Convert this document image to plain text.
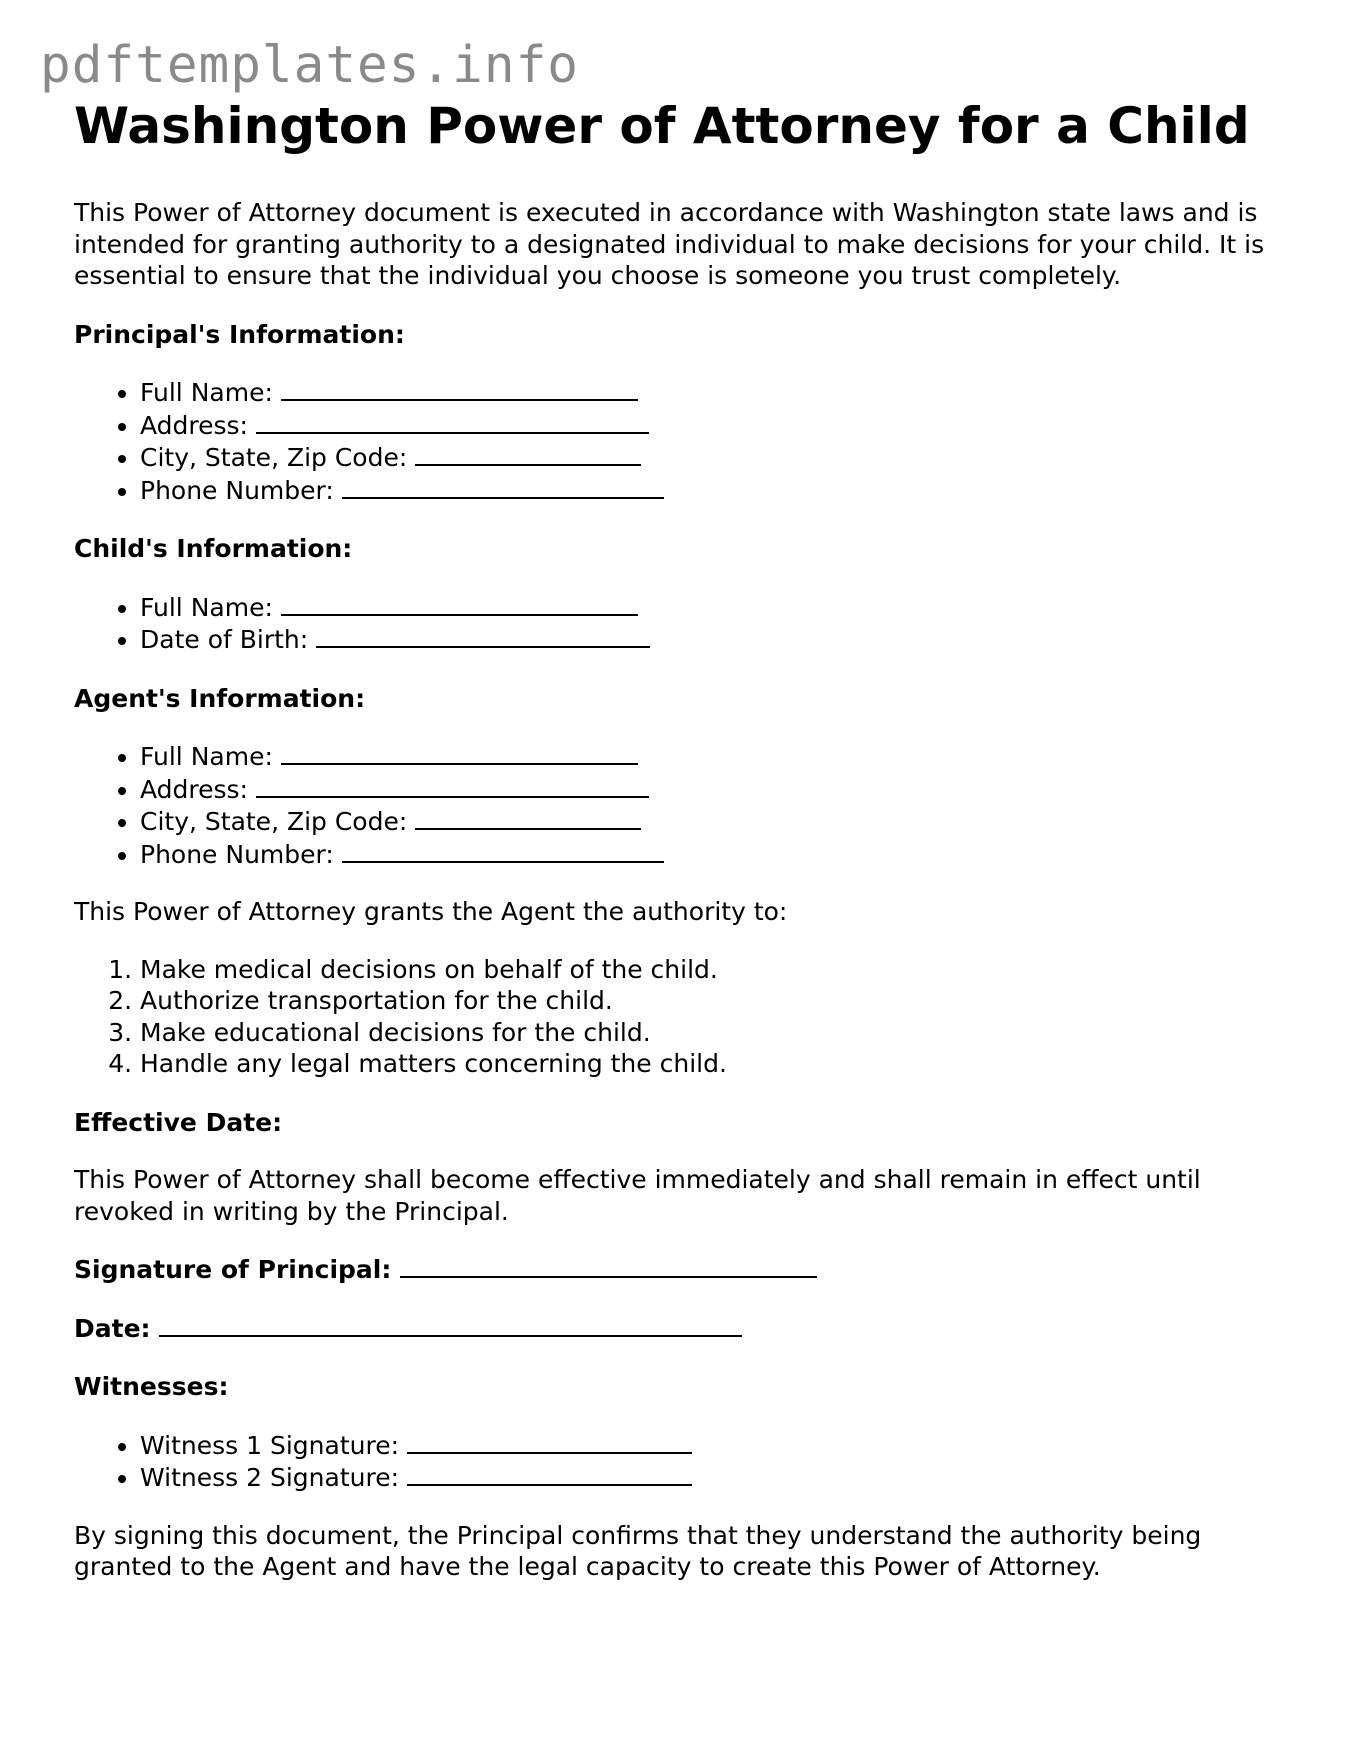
pdftemplates.info
Washington Power of Attorney for a Child

This Power of Attorney document is executed in accordance with Washington state laws and is intended for granting authority to a designated individual to make decisions for your child. It is essential to ensure that the individual you choose is someone you trust completely.

Principal's Information:
• Full Name:
• Address:
• City, State, Zip Code:
• Phone Number:
Child's Information:
• Full Name:
• Date of Birth:
Agent's Information:
• Full Name:
• Address:
• City, State, Zip Code:
• Phone Number:

This Power of Attorney grants the Agent the authority to:

1. Make medical decisions on behalf of the child.
2. Authorize transportation for the child.
3. Make educational decisions for the child.
4. Handle any legal matters concerning the child.
Effective Date:

This Power of Attorney shall become effective immediately and shall remain in effect until revoked in writing by the Principal.

Signature of Principal:
Date:
Witnesses:
• Witness 1 Signature:
• Witness 2 Signature:

By signing this document, the Principal confirms that they understand the authority being granted to the Agent and have the legal capacity to create this Power of Attorney.
